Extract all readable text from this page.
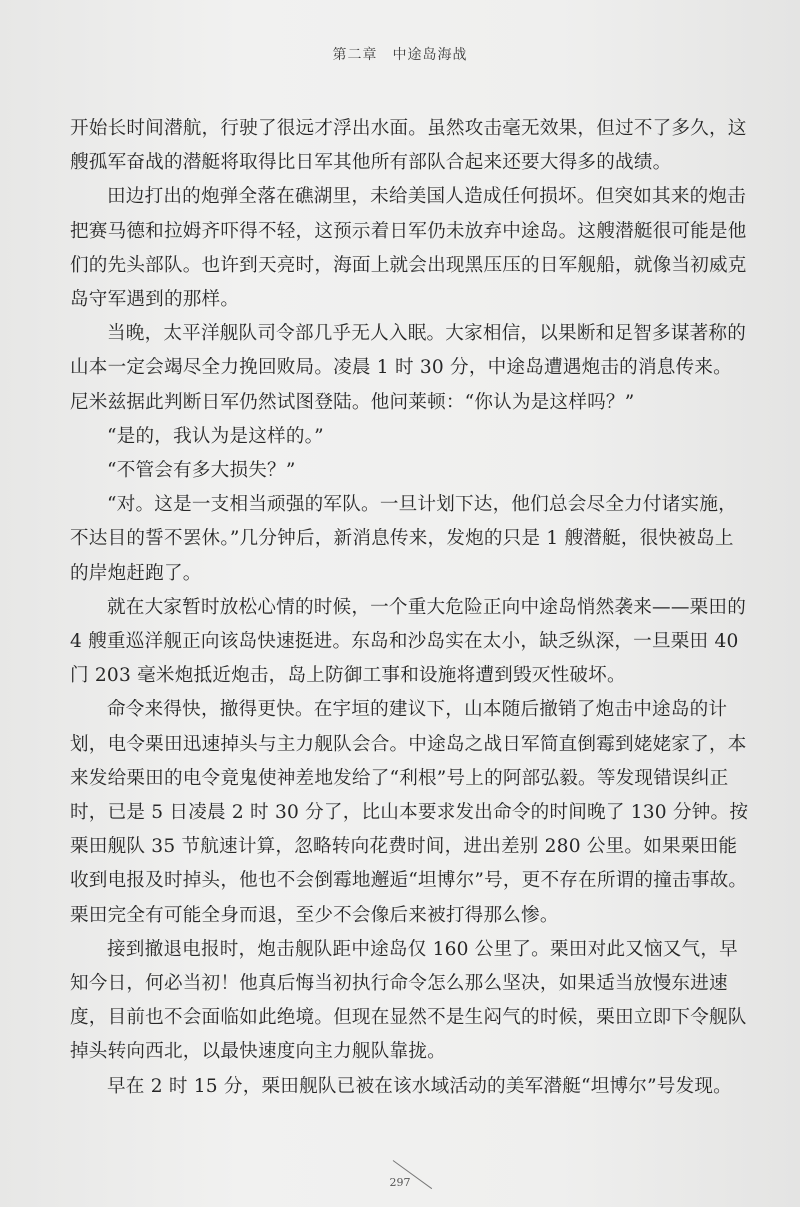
第二章　中途岛海战

开始长时间潜航，行驶了很远才浮出水面。虽然攻击毫无效果，但过不了多久，这艘孤军奋战的潜艇将取得比日军其他所有部队合起来还要大得多的战绩。

田边打出的炮弹全落在礁湖里，未给美国人造成任何损坏。但突如其来的炮击把赛马德和拉姆齐吓得不轻，这预示着日军仍未放弃中途岛。这艘潜艇很可能是他们的先头部队。也许到天亮时，海面上就会出现黑压压的日军舰船，就像当初威克岛守军遇到的那样。

当晚，太平洋舰队司令部几乎无人入眠。大家相信，以果断和足智多谋著称的山本一定会竭尽全力挽回败局。凌晨 1 时 30 分，中途岛遭遇炮击的消息传来。尼米兹据此判断日军仍然试图登陆。他问莱顿：“你认为是这样吗？”

“是的，我认为是这样的。”

“不管会有多大损失？”

“对。这是一支相当顽强的军队。一旦计划下达，他们总会尽全力付诸实施，不达目的誓不罢休。”几分钟后，新消息传来，发炮的只是 1 艘潜艇，很快被岛上的岸炮赶跑了。

就在大家暂时放松心情的时候，一个重大危险正向中途岛悄然袭来——栗田的 4 艘重巡洋舰正向该岛快速挺进。东岛和沙岛实在太小，缺乏纵深，一旦栗田 40 门 203 毫米炮抵近炮击，岛上防御工事和设施将遭到毁灭性破坏。

命令来得快，撤得更快。在宇垣的建议下，山本随后撤销了炮击中途岛的计划，电令栗田迅速掉头与主力舰队会合。中途岛之战日军简直倒霉到姥姥家了，本来发给栗田的电令竟鬼使神差地发给了“利根”号上的阿部弘毅。等发现错误纠正时，已是 5 日凌晨 2 时 30 分了，比山本要求发出命令的时间晚了 130 分钟。按栗田舰队 35 节航速计算，忽略转向花费时间，进出差别 280 公里。如果栗田能收到电报及时掉头，他也不会倒霉地邂逅“坦博尔”号，更不存在所谓的撞击事故。栗田完全有可能全身而退，至少不会像后来被打得那么惨。

接到撤退电报时，炮击舰队距中途岛仅 160 公里了。栗田对此又恼又气，早知今日，何必当初！他真后悔当初执行命令怎么那么坚决，如果适当放慢东进速度，目前也不会面临如此绝境。但现在显然不是生闷气的时候，栗田立即下令舰队掉头转向西北，以最快速度向主力舰队靠拢。

早在 2 时 15 分，栗田舰队已被在该水域活动的美军潜艇“坦博尔”号发现。

297
